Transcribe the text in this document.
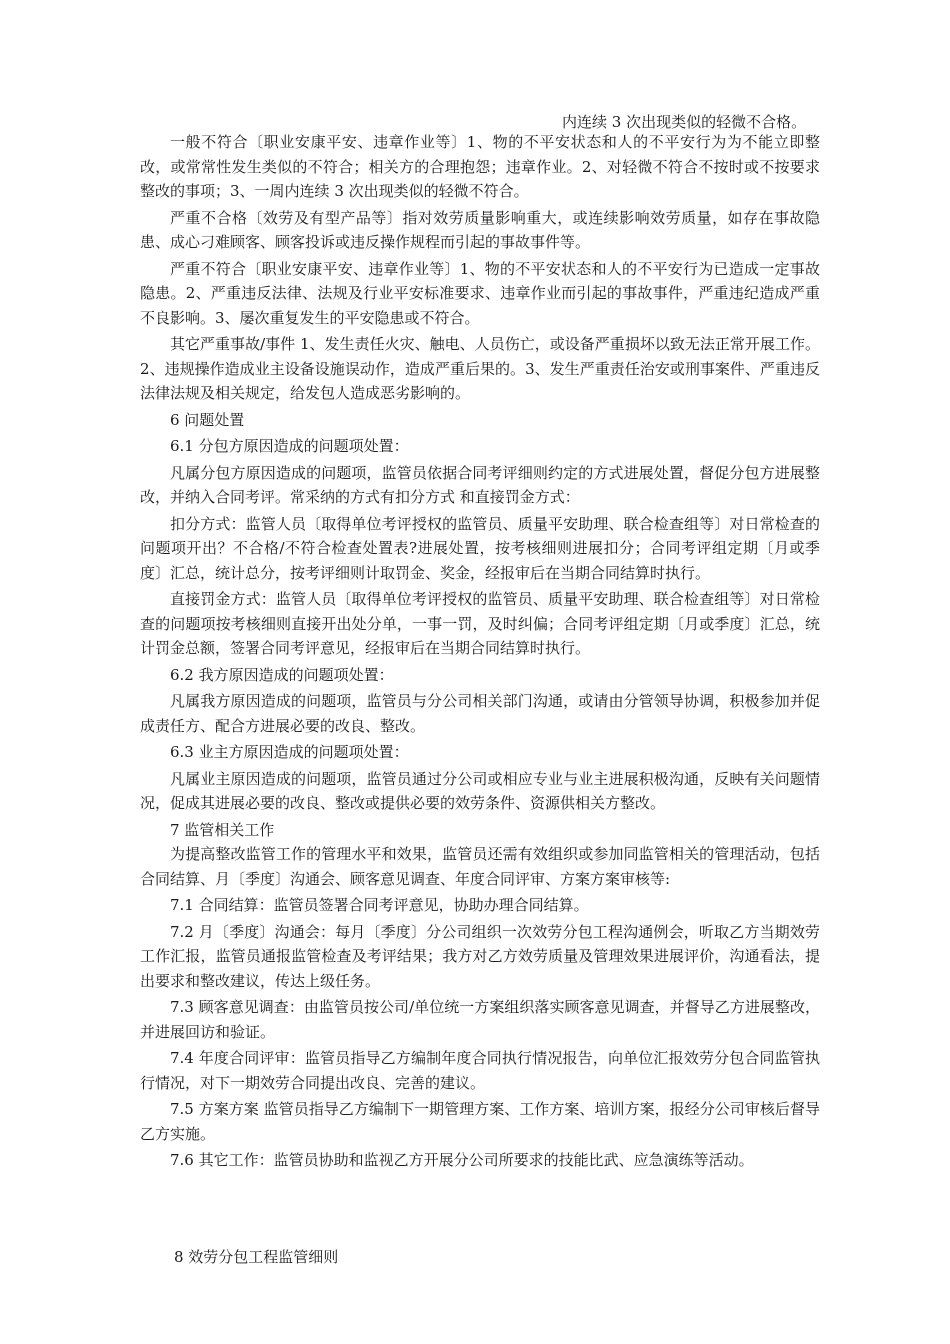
内连续 3 次出现类似的轻微不合格。

一般不符合〔职业安康平安、违章作业等〕1、物的不平安状态和人的不平安行为为不能立即整改，或常常性发生类似的不符合；相关方的合理抱怨；违章作业。2、对轻微不符合不按时或不按要求整改的事项；3、一周内连续 3 次出现类似的轻微不符合。

严重不合格〔效劳及有型产品等〕指对效劳质量影响重大，或连续影响效劳质量，如存在事故隐患、成心刁难顾客、顾客投诉或违反操作规程而引起的事故事件等。

严重不符合〔职业安康平安、违章作业等〕1、物的不平安状态和人的不平安行为已造成一定事故隐患。2、严重违反法律、法规及行业平安标准要求、违章作业而引起的事故事件，严重违纪造成严重不良影响。3、屡次重复发生的平安隐患或不符合。

其它严重事故/事件 1、发生责任火灾、触电、人员伤亡，或设备严重损坏以致无法正常开展工作。2、违规操作造成业主设备设施误动作，造成严重后果的。3、发生严重责任治安或刑事案件、严重违反法律法规及相关规定，给发包人造成恶劣影响的。

6 问题处置

6.1 分包方原因造成的问题项处置：

凡属分包方原因造成的问题项，监管员依据合同考评细则约定的方式进展处置，督促分包方进展整改，并纳入合同考评。常采纳的方式有扣分方式 和直接罚金方式：

扣分方式：监管人员〔取得单位考评授权的监管员、质量平安助理、联合检查组等〕对日常检查的问题项开出？不合格/不符合检查处置表?进展处置，按考核细则进展扣分；合同考评组定期〔月或季度〕汇总，统计总分，按考评细则计取罚金、奖金，经报审后在当期合同结算时执行。

直接罚金方式：监管人员〔取得单位考评授权的监管员、质量平安助理、联合检查组等〕对日常检查的问题项按考核细则直接开出处分单，一事一罚，及时纠偏；合同考评组定期〔月或季度〕汇总，统计罚金总额，签署合同考评意见，经报审后在当期合同结算时执行。

6.2 我方原因造成的问题项处置：

凡属我方原因造成的问题项，监管员与分公司相关部门沟通，或请由分管领导协调，积极参加并促成责任方、配合方进展必要的改良、整改。

6.3 业主方原因造成的问题项处置：

凡属业主原因造成的问题项，监管员通过分公司或相应专业与业主进展积极沟通，反映有关问题情况，促成其进展必要的改良、整改或提供必要的效劳条件、资源供相关方整改。

7 监管相关工作

为提高整改监管工作的管理水平和效果，监管员还需有效组织或参加同监管相关的管理活动，包括合同结算、月〔季度〕沟通会、顾客意见调查、年度合同评审、方案方案审核等:

7.1 合同结算：监管员签署合同考评意见，协助办理合同结算。

7.2 月〔季度〕沟通会：每月〔季度〕分公司组织一次效劳分包工程沟通例会，听取乙方当期效劳工作汇报，监管员通报监管检查及考评结果；我方对乙方效劳质量及管理效果进展评价，沟通看法，提出要求和整改建议，传达上级任务。

7.3 顾客意见调查：由监管员按公司/单位统一方案组织落实顾客意见调查，并督导乙方进展整改，并进展回访和验证。

7.4 年度合同评审：监管员指导乙方编制年度合同执行情况报告，向单位汇报效劳分包合同监管执行情况，对下一期效劳合同提出改良、完善的建议。

7.5 方案方案 监管员指导乙方编制下一期管理方案、工作方案、培训方案，报经分公司审核后督导乙方实施。

7.6 其它工作：监管员协助和监视乙方开展分公司所要求的技能比武、应急演练等活动。

8 效劳分包工程监管细则
